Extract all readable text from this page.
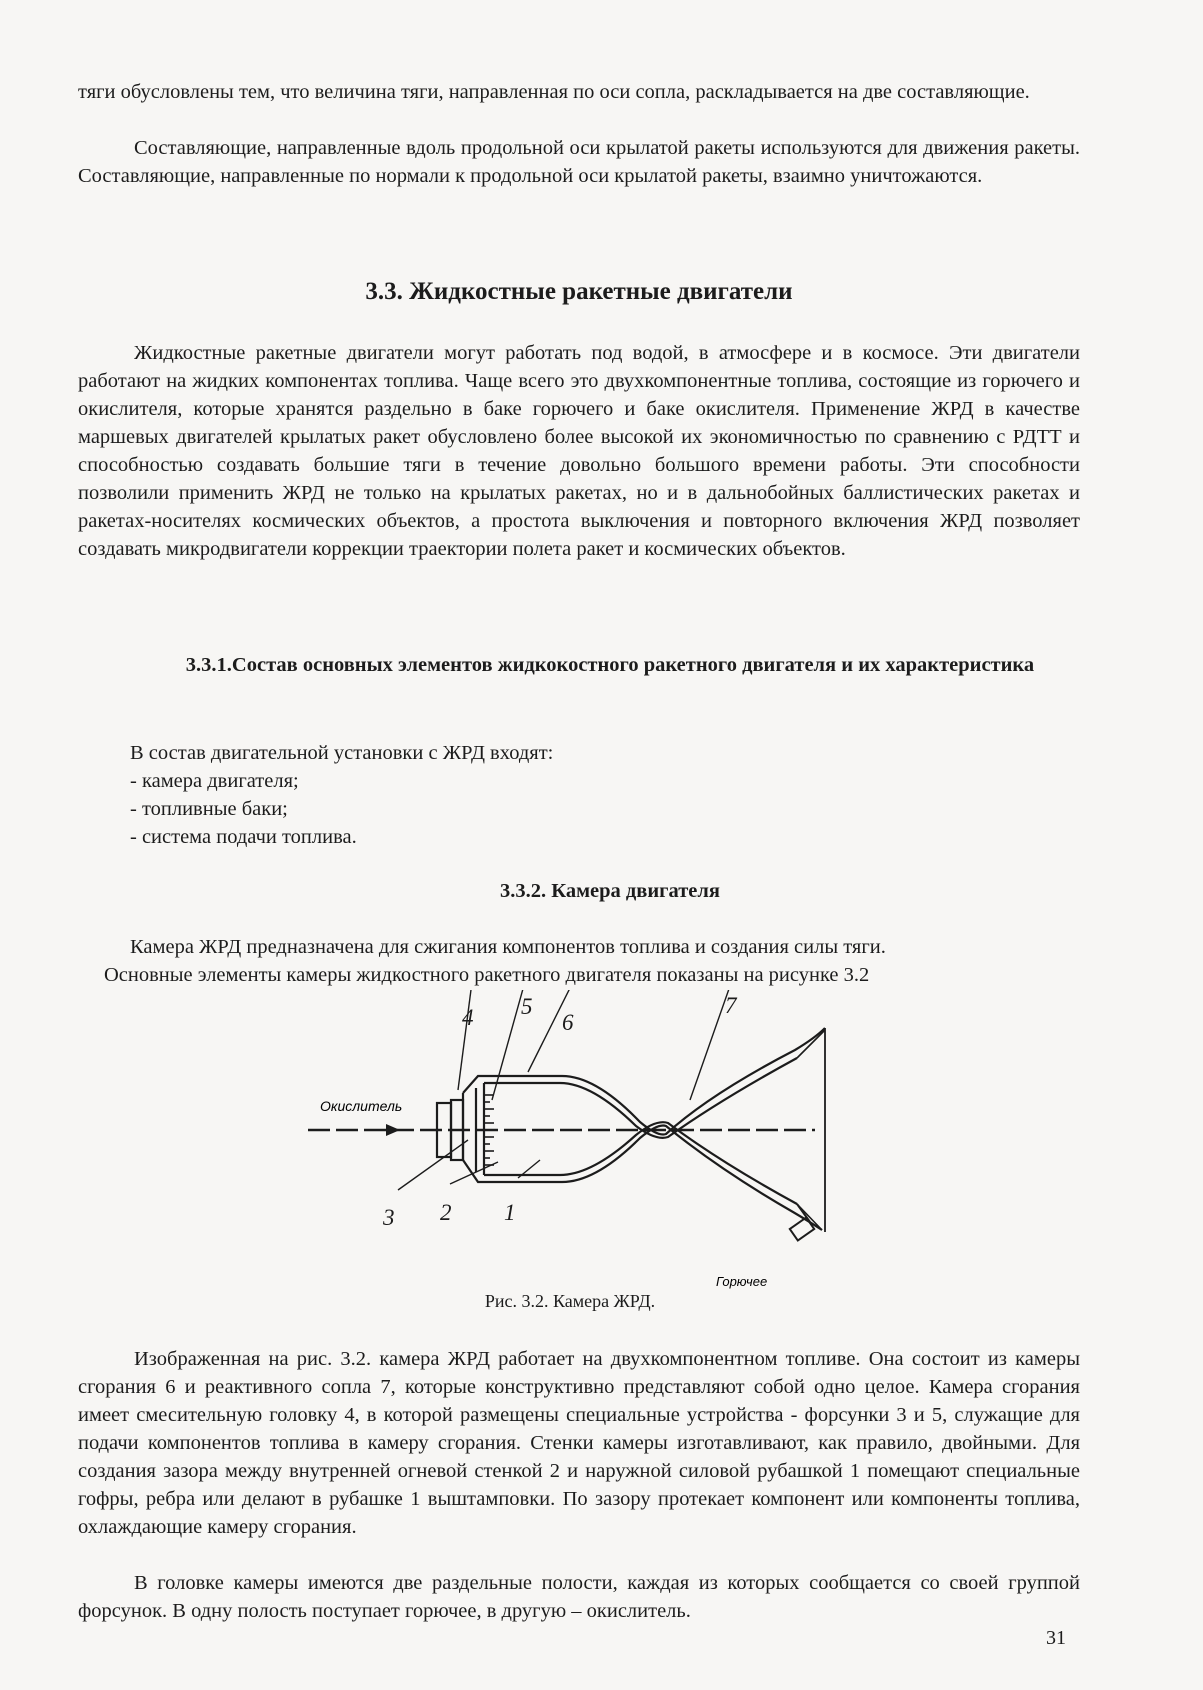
тяги обусловлены тем, что величина тяги, направленная по оси сопла, раскладывается на две составляющие.
Составляющие, направленные вдоль продольной оси крылатой ракеты используются для движения ракеты. Составляющие, направленные по нормали к продольной оси крылатой ракеты, взаимно уничтожаются.
3.3. Жидкостные ракетные двигатели
Жидкостные ракетные двигатели могут работать под водой, в атмосфере и в космосе. Эти двигатели работают на жидких компонентах топлива. Чаще всего это двухкомпонентные топлива, состоящие из горючего и окислителя, которые хранятся раздельно в баке горючего и баке окислителя. Применение ЖРД в качестве маршевых двигателей крылатых ракет обусловлено более высокой их экономичностью по сравнению с РДТТ и способностью создавать большие тяги в течение довольно большого времени работы. Эти способности позволили применить ЖРД не только на крылатых ракетах, но и в дальнобойных баллистических ракетах и ракетах-носителях космических объектов, а простота выключения и повторного включения ЖРД позволяет создавать микродвигатели коррекции траектории полета ракет и космических объектов.
3.3.1.Состав основных элементов жидкокостного ракетного двигателя и их характеристика
В состав двигательной установки с ЖРД входят:
- камера двигателя;
- топливные баки;
- система подачи топлива.
3.3.2. Камера двигателя
Камера ЖРД предназначена для сжигания компонентов топлива и создания силы тяги.
Основные элементы камеры жидкостного ракетного двигателя показаны на рисунке 3.2
Окислитель
Горючее
4 5
6
7
3 2 1
Рис. 3.2. Камера ЖРД.
Изображенная на рис. 3.2. камера ЖРД работает на двухкомпонентном топливе. Она состоит из камеры сгорания 6 и реактивного сопла 7, которые конструктивно представляют собой одно целое. Камера сгорания имеет смесительную головку 4, в которой размещены специальные устройства - форсунки 3 и 5, служащие для подачи компонентов топлива в камеру сгорания. Стенки камеры изготавливают, как правило, двойными. Для создания зазора между внутренней огневой стенкой 2 и наружной силовой рубашкой 1 помещают специальные гофры, ребра или делают в рубашке 1 выштамповки. По зазору протекает компонент или компоненты топлива, охлаждающие камеру сгорания.
В головке камеры имеются две раздельные полости, каждая из которых сообщается со своей группой форсунок. В одну полость поступает горючее, в другую – окислитель.
31
